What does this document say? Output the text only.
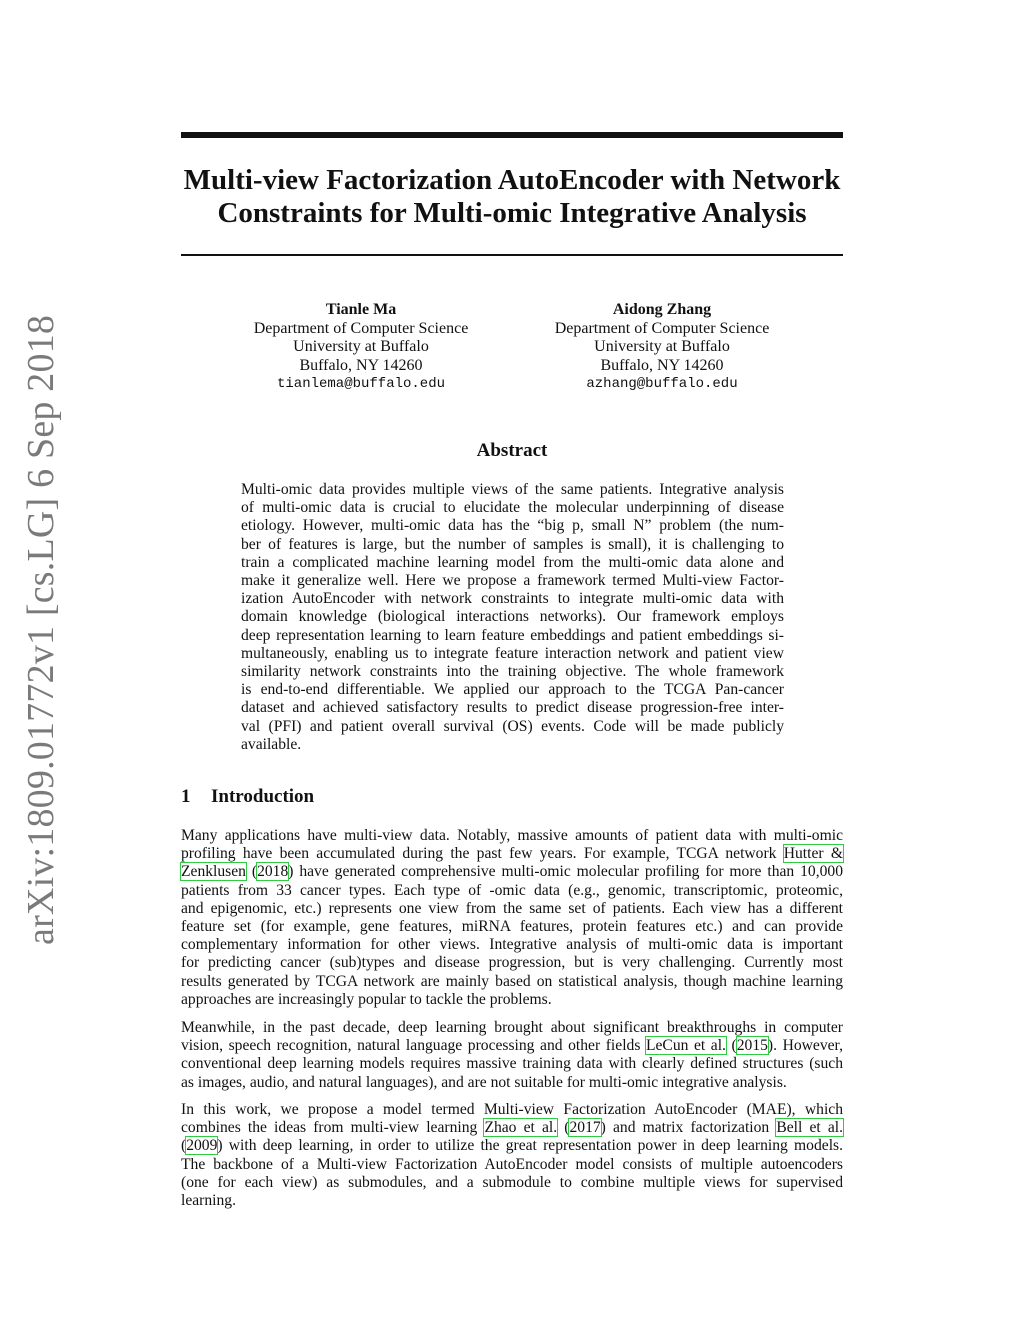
arXiv:1809.01772v1 [cs.LG] 6 Sep 2018
Multi-view Factorization AutoEncoder with Network
Constraints for Multi-omic Integrative Analysis
Tianle Ma
Department of Computer Science
University at Buffalo
Buffalo, NY 14260
tianlema@buffalo.edu
Aidong Zhang
Department of Computer Science
University at Buffalo
Buffalo, NY 14260
azhang@buffalo.edu
Abstract
Multi-omic data provides multiple views of the same patients. Integrative analysis
of multi-omic data is crucial to elucidate the molecular underpinning of disease
etiology. However, multi-omic data has the “big p, small N” problem (the num-
ber of features is large, but the number of samples is small), it is challenging to
train a complicated machine learning model from the multi-omic data alone and
make it generalize well. Here we propose a framework termed Multi-view Factor-
ization AutoEncoder with network constraints to integrate multi-omic data with
domain knowledge (biological interactions networks). Our framework employs
deep representation learning to learn feature embeddings and patient embeddings si-
multaneously, enabling us to integrate feature interaction network and patient view
similarity network constraints into the training objective. The whole framework
is end-to-end differentiable. We applied our approach to the TCGA Pan-cancer
dataset and achieved satisfactory results to predict disease progression-free inter-
val (PFI) and patient overall survival (OS) events. Code will be made publicly
available.
1 Introduction
Many applications have multi-view data. Notably, massive amounts of patient data with multi-omic
profiling have been accumulated during the past few years. For example, TCGA network Hutter &
Zenklusen (2018) have generated comprehensive multi-omic molecular profiling for more than 10,000
patients from 33 cancer types. Each type of -omic data (e.g., genomic, transcriptomic, proteomic,
and epigenomic, etc.) represents one view from the same set of patients. Each view has a different
feature set (for example, gene features, miRNA features, protein features etc.) and can provide
complementary information for other views. Integrative analysis of multi-omic data is important
for predicting cancer (sub)types and disease progression, but is very challenging. Currently most
results generated by TCGA network are mainly based on statistical analysis, though machine learning
approaches are increasingly popular to tackle the problems.
Meanwhile, in the past decade, deep learning brought about significant breakthroughs in computer
vision, speech recognition, natural language processing and other fields LeCun et al. (2015). However,
conventional deep learning models requires massive training data with clearly defined structures (such
as images, audio, and natural languages), and are not suitable for multi-omic integrative analysis.
In this work, we propose a model termed Multi-view Factorization AutoEncoder (MAE), which
combines the ideas from multi-view learning Zhao et al. (2017) and matrix factorization Bell et al.
(2009) with deep learning, in order to utilize the great representation power in deep learning models.
The backbone of a Multi-view Factorization AutoEncoder model consists of multiple autoencoders
(one for each view) as submodules, and a submodule to combine multiple views for supervised
learning.
